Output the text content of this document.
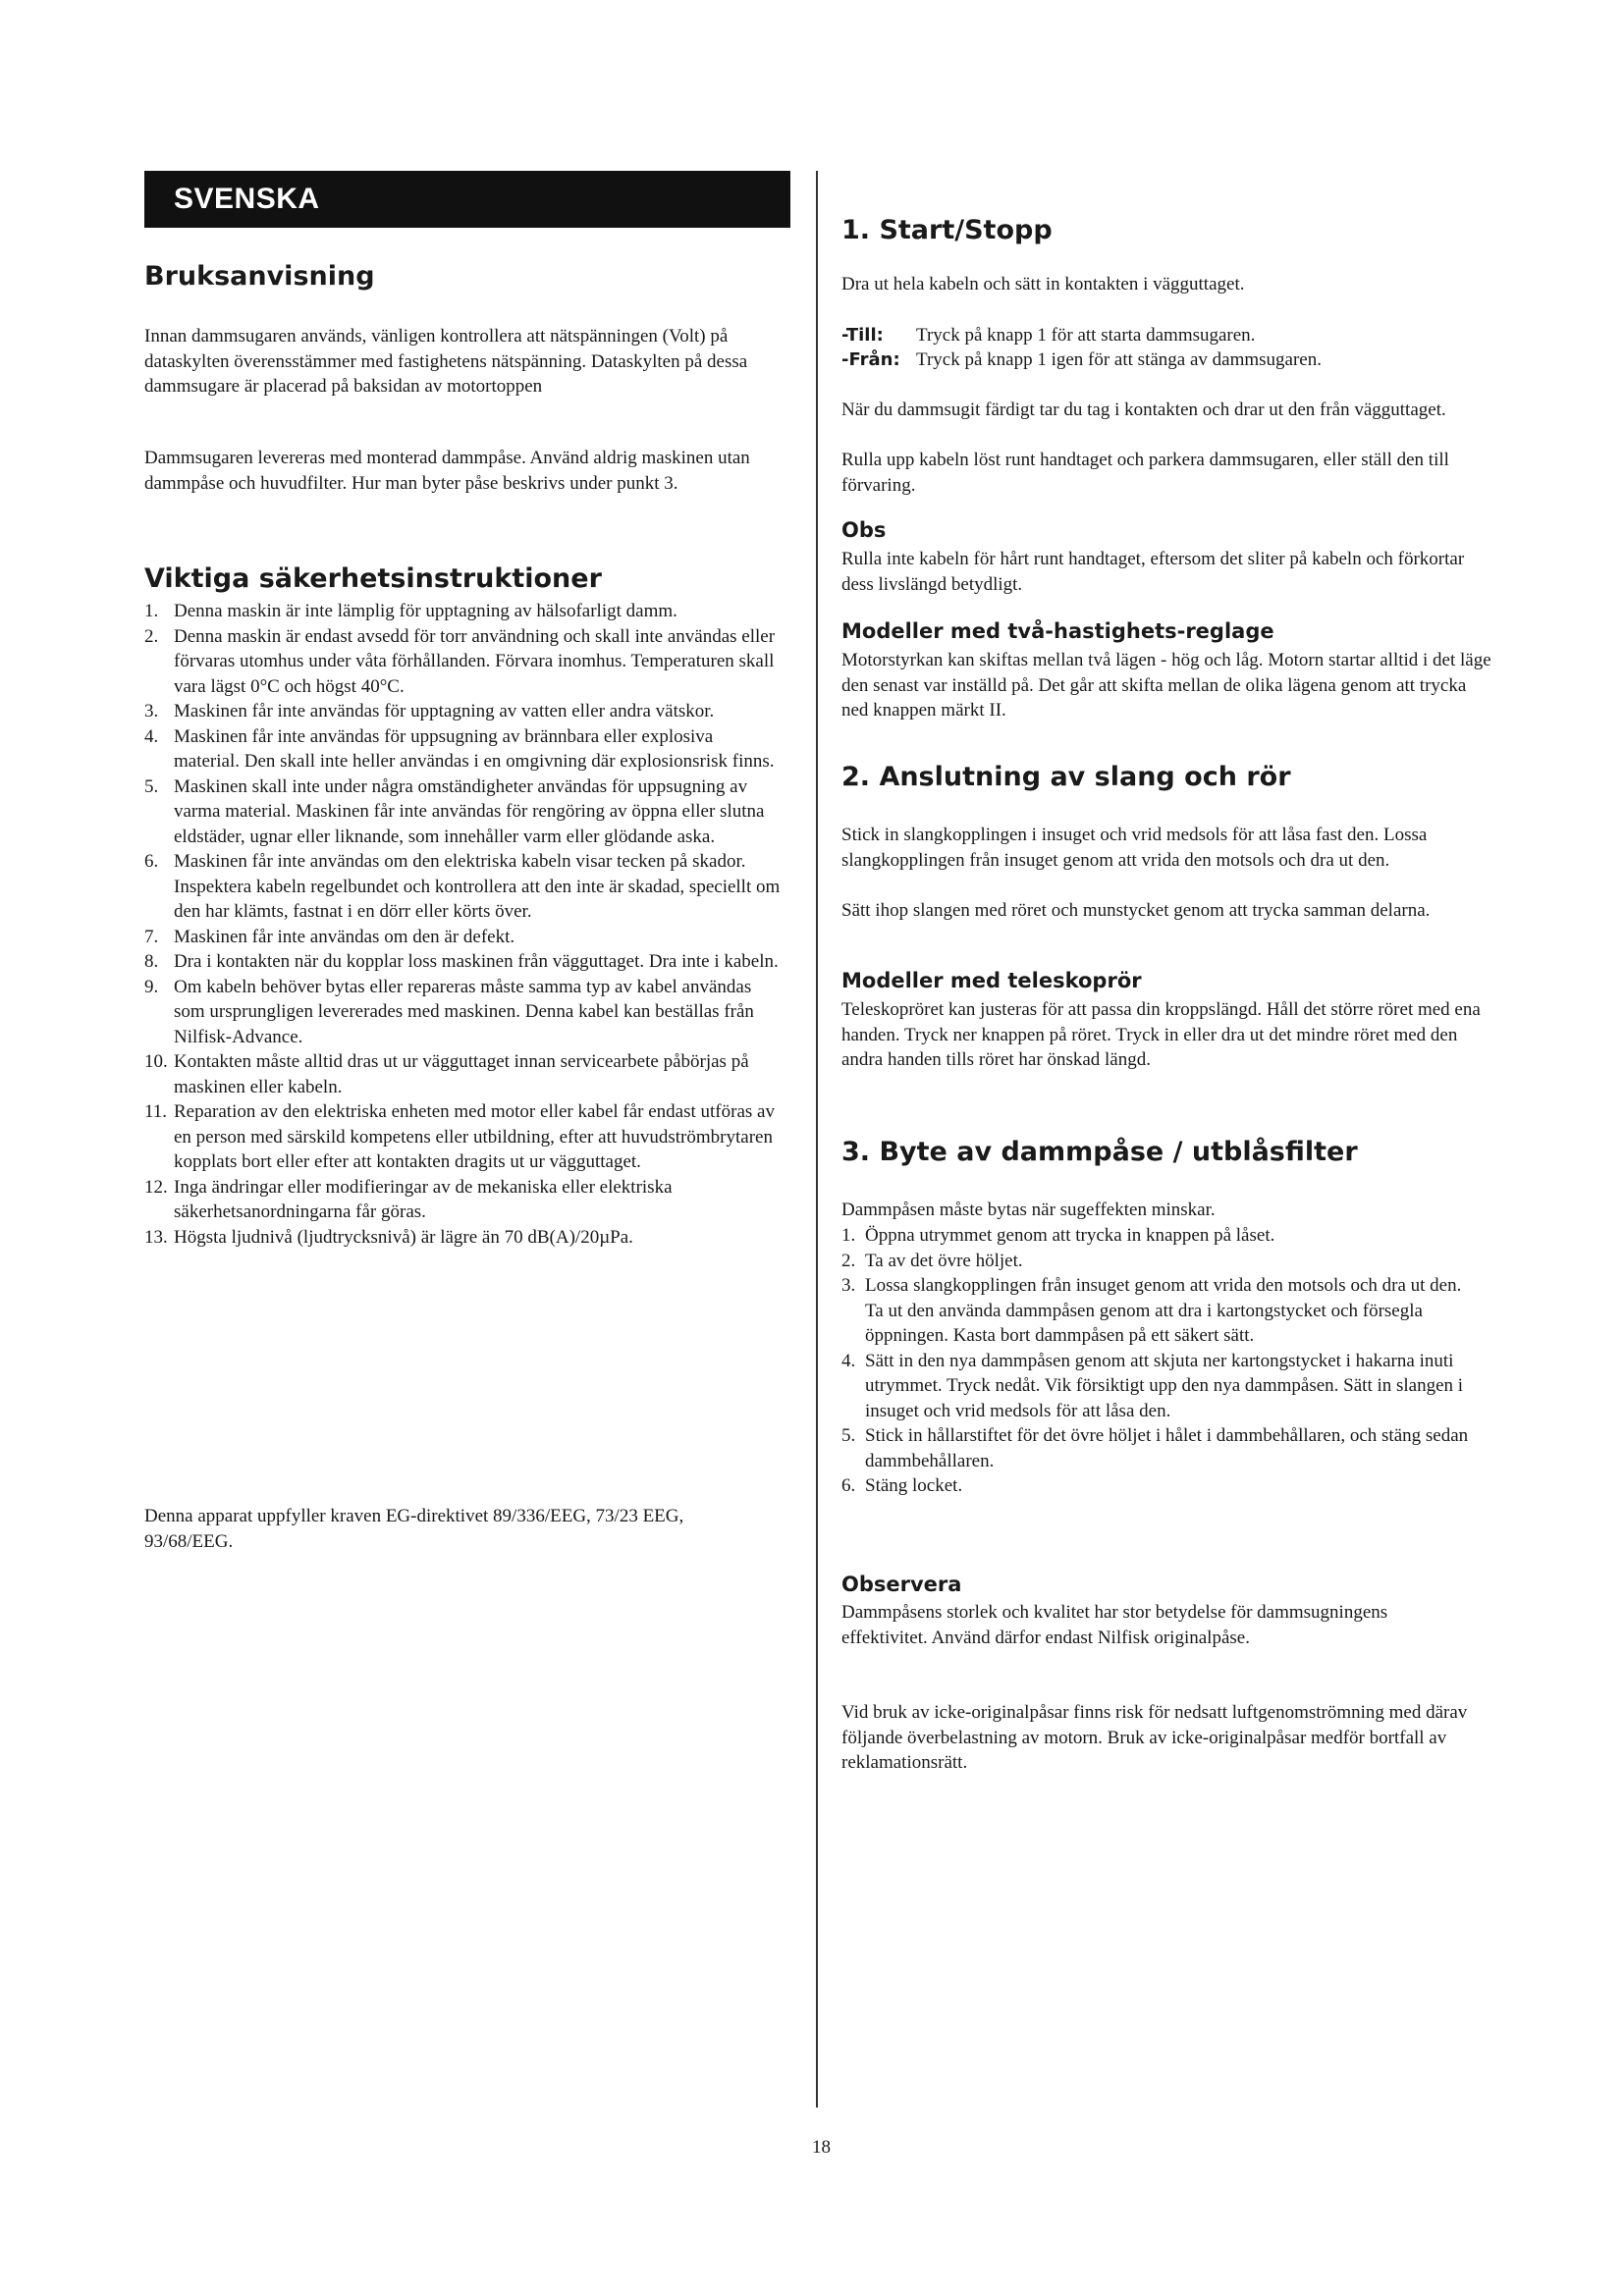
SVENSKA
Bruksanvisning

Innan dammsugaren används, vänligen kontrollera att nätspänningen (Volt) på dataskylten överensstämmer med fastighetens nätspänning. Dataskylten på dessa dammsugare är placerad på baksidan av motortoppen

Dammsugaren levereras med monterad dammpåse. Använd aldrig maskinen utan dammpåse och huvudfilter. Hur man byter påse beskrivs under punkt 3.

Viktiga säkerhetsinstruktioner
1. Denna maskin är inte lämplig för upptagning av hälsofarligt damm.
2. Denna maskin är endast avsedd för torr användning och skall inte användas eller förvaras utomhus under våta förhållanden. Förvara inomhus. Temperaturen skall vara lägst 0°C och högst 40°C.
3. Maskinen får inte användas för upptagning av vatten eller andra vätskor.
4. Maskinen får inte användas för uppsugning av brännbara eller explosiva material. Den skall inte heller användas i en omgivning där explosionsrisk finns.
5. Maskinen skall inte under några omständigheter användas för uppsugning av varma material. Maskinen får inte användas för rengöring av öppna eller slutna eldstäder, ugnar eller liknande, som innehåller varm eller glödande aska.
6. Maskinen får inte användas om den elektriska kabeln visar tecken på skador. Inspektera kabeln regelbundet och kontrollera att den inte är skadad, speciellt om den har klämts, fastnat i en dörr eller körts över.
7. Maskinen får inte användas om den är defekt.
8. Dra i kontakten när du kopplar loss maskinen från vägguttaget. Dra inte i kabeln.
9. Om kabeln behöver bytas eller repareras måste samma typ av kabel användas som ursprungligen levererades med maskinen. Denna kabel kan beställas från Nilfisk-Advance.
10. Kontakten måste alltid dras ut ur vägguttaget innan servicearbete påbörjas på maskinen eller kabeln.
11. Reparation av den elektriska enheten med motor eller kabel får endast utföras av en person med särskild kompetens eller utbildning, efter att huvudströmbrytaren kopplats bort eller efter att kontakten dragits ut ur vägguttaget.
12. Inga ändringar eller modifieringar av de mekaniska eller elektriska säkerhetsanordningarna får göras.
13. Högsta ljudnivå (ljudtrycksnivå) är lägre än 70 dB(A)/20µPa.

Denna apparat uppfyller kraven EG-direktivet 89/336/EEG, 73/23 EEG, 93/68/EEG.

1. Start/Stopp

Dra ut hela kabeln och sätt in kontakten i vägguttaget.

-Till: Tryck på knapp 1 för att starta dammsugaren.
-Från: Tryck på knapp 1 igen för att stänga av dammsugaren.

När du dammsugit färdigt tar du tag i kontakten och drar ut den från vägguttaget.

Rulla upp kabeln löst runt handtaget och parkera dammsugaren, eller ställ den till förvaring.

Obs

Rulla inte kabeln för hårt runt handtaget, eftersom det sliter på kabeln och förkortar dess livslängd betydligt.

Modeller med två-hastighets-reglage

Motorstyrkan kan skiftas mellan två lägen - hög och låg. Motorn startar alltid i det läge den senast var inställd på. Det går att skifta mellan de olika lägena genom att trycka ned knappen märkt II.

2. Anslutning av slang och rör

Stick in slangkopplingen i insuget och vrid medsols för att låsa fast den. Lossa slangkopplingen från insuget genom att vrida den motsols och dra ut den.

Sätt ihop slangen med röret och munstycket genom att trycka samman delarna.

Modeller med teleskoprör

Teleskopröret kan justeras för att passa din kroppslängd. Håll det större röret med ena handen. Tryck ner knappen på röret. Tryck in eller dra ut det mindre röret med den andra handen tills röret har önskad längd.

3. Byte av dammpåse / utblåsfilter

Dammpåsen måste bytas när sugeffekten minskar.

1. Öppna utrymmet genom att trycka in knappen på låset.
2. Ta av det övre höljet.
3. Lossa slangkopplingen från insuget genom att vrida den motsols och dra ut den. Ta ut den använda dammpåsen genom att dra i kartongstycket och försegla öppningen. Kasta bort dammpåsen på ett säkert sätt.
4. Sätt in den nya dammpåsen genom att skjuta ner kartongstycket i hakarna inuti utrymmet. Tryck nedåt. Vik försiktigt upp den nya dammpåsen. Sätt in slangen i insuget och vrid medsols för att låsa den.
5. Stick in hållarstiftet för det övre höljet i hålet i dammbehållaren, och stäng sedan dammbehållaren.
6. Stäng locket.
Observera

Dammpåsens storlek och kvalitet har stor betydelse för dammsugningens effektivitet. Använd därfor endast Nilfisk originalpåse.

Vid bruk av icke-originalpåsar finns risk för nedsatt luftgenomströmning med därav följande överbelastning av motorn. Bruk av icke-originalpåsar medför bortfall av reklamationsrätt.

18
